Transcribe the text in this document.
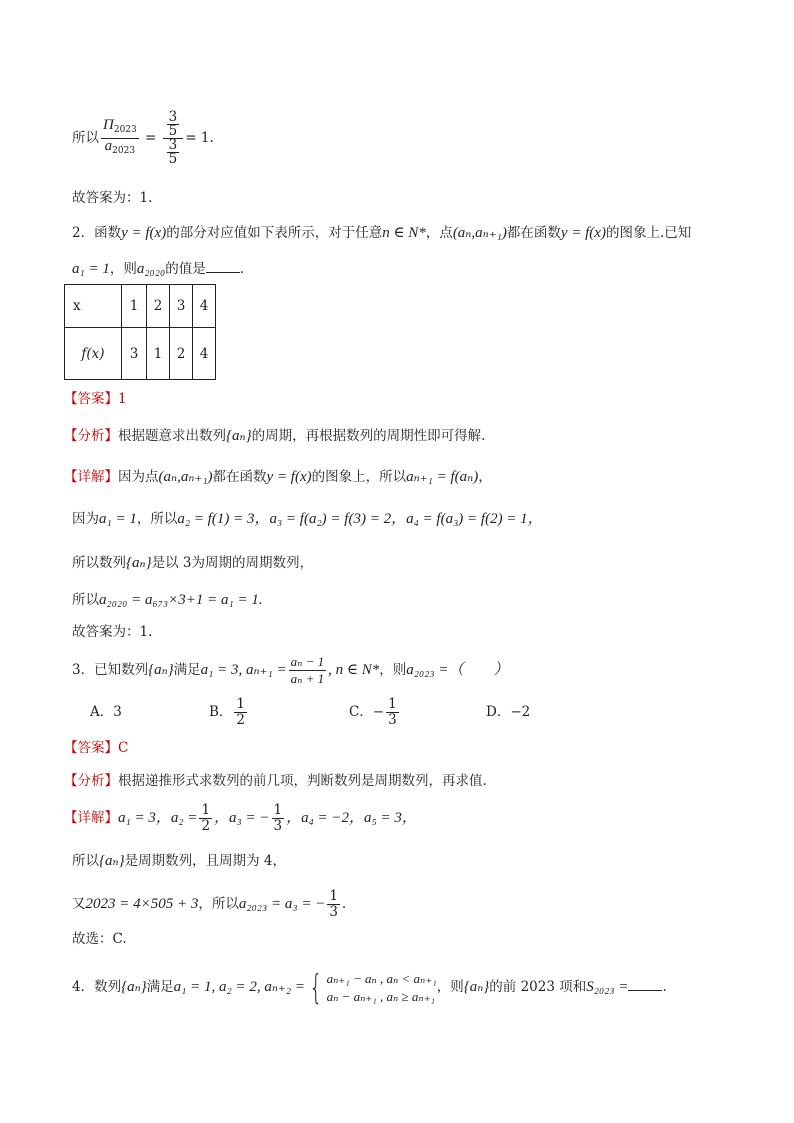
所以 $\frac{\Pi_{2023}}{a_{2023}} = \frac{\frac{3}{5}}{\frac{3}{5}} = 1$.
故答案为：1.
2．函数y = f(x)的部分对应值如下表所示，对于任意n ∈ N*，点(aₙ,aₙ₊₁)都在函数y = f(x)的图象上.已知
a₁ = 1，则a₂₀₂₀的值是	.
x	1	2	3	4
f(x)	3	1	2	4
【答案】1
【分析】根据题意求出数列{aₙ}的周期，再根据数列的周期性即可得解.
【详解】因为点(aₙ,aₙ₊₁)都在函数y = f(x)的图象上，所以aₙ₊₁ = f(aₙ)，
因为a₁ = 1，所以a₂ = f(1) = 3，a₃ = f(a₂) = f(3) = 2，a₄ = f(a₃) = f(2) = 1，
所以数列{aₙ}是以 3为周期的周期数列，
所以a₂₀₂₀ = a₆₇₃×3+1 = a₁ = 1.
故答案为：1.
3．已知数列{aₙ}满足a₁ = 3, $a_{n+1} = \frac{\text{aₙ − 1}}{\text{aₙ + 1}}$ , n ∈ N*，则a₂₀₂₃ =（　　）
A．3	B． $\frac{1}{2}$	C．− $\frac{1}{3}$	D．−2
【答案】C
【分析】根据递推形式求数列的前几项，判断数列是周期数列，再求值.
【详解】a₁ = 3，$a_2 = \frac{1}{2}$ ，a₃ = − $\frac{1}{3}$ ，a₄ = −2，a₅ = 3，
所以{aₙ}是周期数列，且周期为 4，
又2023 = 4×505 + 3，所以a₂₀₂₃ = a₃ = − $\frac{1}{3}$ .
故选：C.
4．数列{aₙ}满足a₁ = 1, a₂ = 2, aₙ₊₂ = { aₙ₊₁ − aₙ , aₙ < aₙ₊₁
aₙ − aₙ₊₁ , aₙ ≥ aₙ₊₁
，则{aₙ}的前 2023 项和S₂₀₂₃ =	.
